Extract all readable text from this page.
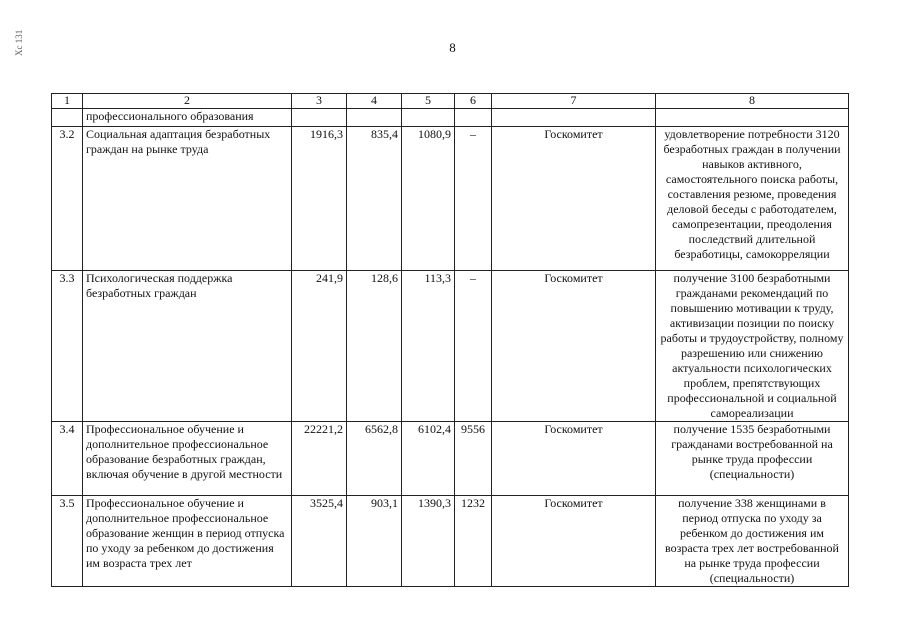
8
Xc 131
1	2	3	4	5	6	7	8
	профессионального образования						
3.2	Социальная адаптация безработных граждан на рынке труда	1916,3	835,4	1080,9	–	Госкомитет	удовлетворение потребности 3120 безработных граждан в получении навыков активного, самостоятельного поиска работы, составления резюме, проведения деловой беседы с работодателем, самопрезентации, преодоления последствий длительной безработицы, самокорреляции
3.3	Психологическая поддержка безработных граждан	241,9	128,6	113,3	–	Госкомитет	получение 3100 безработными гражданами рекомендаций по повышению мотивации к труду, активизации позиции по поиску работы и трудоустройству, полному разрешению или снижению актуальности психологических проблем, препятствующих профессиональной и социальной самореализации
3.4	Профессиональное обучение и дополнительное профессиональное образование безработных граждан, включая обучение в другой местности	22221,2	6562,8	6102,4	9556	Госкомитет	получение 1535 безработными гражданами востребованной на рынке труда профессии (специальности)
3.5	Профессиональное обучение и дополнительное профессиональное образование женщин в период отпуска по уходу за ребенком до достижения им возраста трех лет	3525,4	903,1	1390,3	1232	Госкомитет	получение 338 женщинами в период отпуска по уходу за ребенком до достижения им возраста трех лет востребованной на рынке труда профессии (специальности)
